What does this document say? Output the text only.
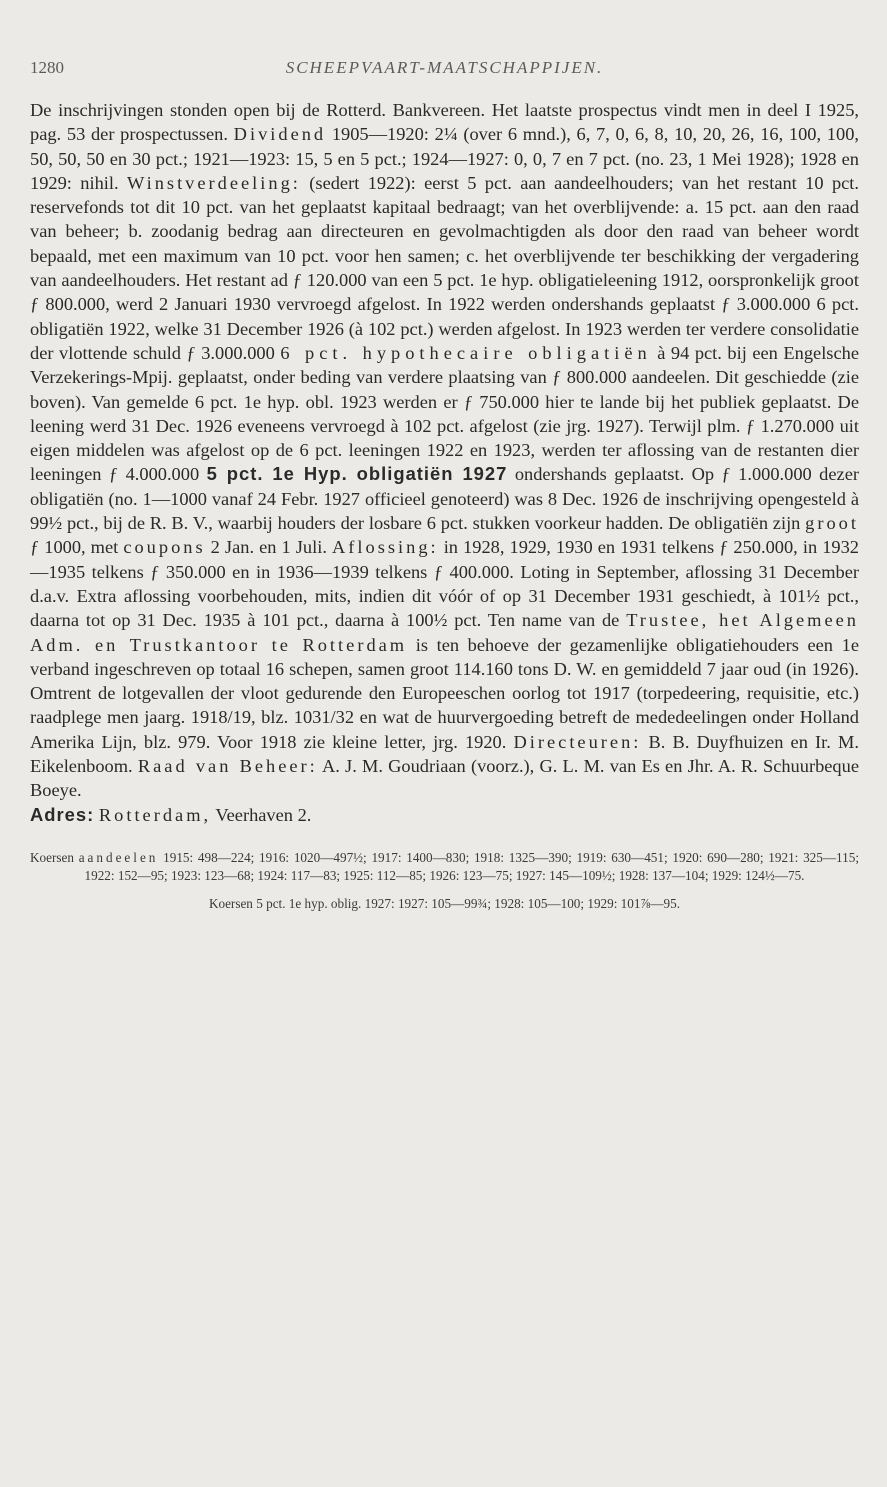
1280	SCHEEPVAART-MAATSCHAPPIJEN.

De inschrijvingen stonden open bij de Rotterd. Bankvereen. Het laatste prospectus vindt men in deel I 1925, pag. 53 der prospectussen. Dividend 1905—1920: 2¼ (over 6 mnd.), 6, 7, 0, 6, 8, 10, 20, 26, 16, 100, 100, 50, 50, 50 en 30 pct.; 1921—1923: 15, 5 en 5 pct.; 1924—1927: 0, 0, 7 en 7 pct. (no. 23, 1 Mei 1928); 1928 en 1929: nihil. Winstverdeeling: (sedert 1922): eerst 5 pct. aan aandeelhouders; van het restant 10 pct. reservefonds tot dit 10 pct. van het geplaatst kapitaal bedraagt; van het overblijvende: a. 15 pct. aan den raad van beheer; b. zoodanig bedrag aan directeuren en gevolmachtigden als door den raad van beheer wordt bepaald, met een maximum van 10 pct. voor hen samen; c. het overblijvende ter beschikking der vergadering van aandeelhouders. Het restant ad ƒ 120.000 van een 5 pct. 1e hyp. obligatieleening 1912, oorspronkelijk groot ƒ 800.000, werd 2 Januari 1930 vervroegd afgelost. In 1922 werden ondershands geplaatst ƒ 3.000.000 6 pct. obligatiën 1922, welke 31 December 1926 (à 102 pct.) werden afgelost. In 1923 werden ter verdere consolidatie der vlottende schuld ƒ 3.000.000 6 pct. hypothecaire obligatiën à 94 pct. bij een Engelsche Verzekerings-Mpij. geplaatst, onder beding van verdere plaatsing van ƒ 800.000 aandeelen. Dit geschiedde (zie boven). Van gemelde 6 pct. 1e hyp. obl. 1923 werden er ƒ 750.000 hier te lande bij het publiek geplaatst. De leening werd 31 Dec. 1926 eveneens vervroegd à 102 pct. afgelost (zie jrg. 1927). Terwijl plm. ƒ 1.270.000 uit eigen middelen was afgelost op de 6 pct. leeningen 1922 en 1923, werden ter aflossing van de restanten dier leeningen ƒ 4.000.000 5 pct. 1e Hyp. obligatiën 1927 ondershands geplaatst. Op ƒ 1.000.000 dezer obligatiën (no. 1—1000 vanaf 24 Febr. 1927 officieel genoteerd) was 8 Dec. 1926 de inschrijving opengesteld à 99½ pct., bij de R. B. V., waarbij houders der losbare 6 pct. stukken voorkeur hadden. De obligatiën zijn groot ƒ 1000, met coupons 2 Jan. en 1 Juli. Aflossing: in 1928, 1929, 1930 en 1931 telkens ƒ 250.000, in 1932—1935 telkens ƒ 350.000 en in 1936—1939 telkens ƒ 400.000. Loting in September, aflossing 31 December d.a.v. Extra aflossing voorbehouden, mits, indien dit vóór of op 31 December 1931 geschiedt, à 101½ pct., daarna tot op 31 Dec. 1935 à 101 pct., daarna à 100½ pct. Ten name van de Trustee, het Algemeen Adm. en Trustkantoor te Rotterdam is ten behoeve der gezamenlijke obligatiehouders een 1e verband ingeschreven op totaal 16 schepen, samen groot 114.160 tons D. W. en gemiddeld 7 jaar oud (in 1926). Omtrent de lotgevallen der vloot gedurende den Europeeschen oorlog tot 1917 (torpedeering, requisitie, etc.) raadplege men jaarg. 1918/19, blz. 1031/32 en wat de huurvergoeding betreft de mededeelingen onder Holland Amerika Lijn, blz. 979. Voor 1918 zie kleine letter, jrg. 1920. Directeuren: B. B. Duyfhuizen en Ir. M. Eikelenboom. Raad van Beheer: A. J. M. Goudriaan (voorz.), G. L. M. van Es en Jhr. A. R. Schuurbeque Boeye.

Adres: Rotterdam, Veerhaven 2.

Koersen aandeelen 1915: 498—224; 1916: 1020—497½; 1917: 1400—830; 1918: 1325—390; 1919: 630—451; 1920: 690—280; 1921: 325—115; 1922: 152—95; 1923: 123—68; 1924: 117—83; 1925: 112—85; 1926: 123—75; 1927: 145—109½; 1928: 137—104; 1929: 124½—75.

Koersen 5 pct. 1e hyp. oblig. 1927: 1927: 105—99¾; 1928: 105—100; 1929: 101⅞—95.
